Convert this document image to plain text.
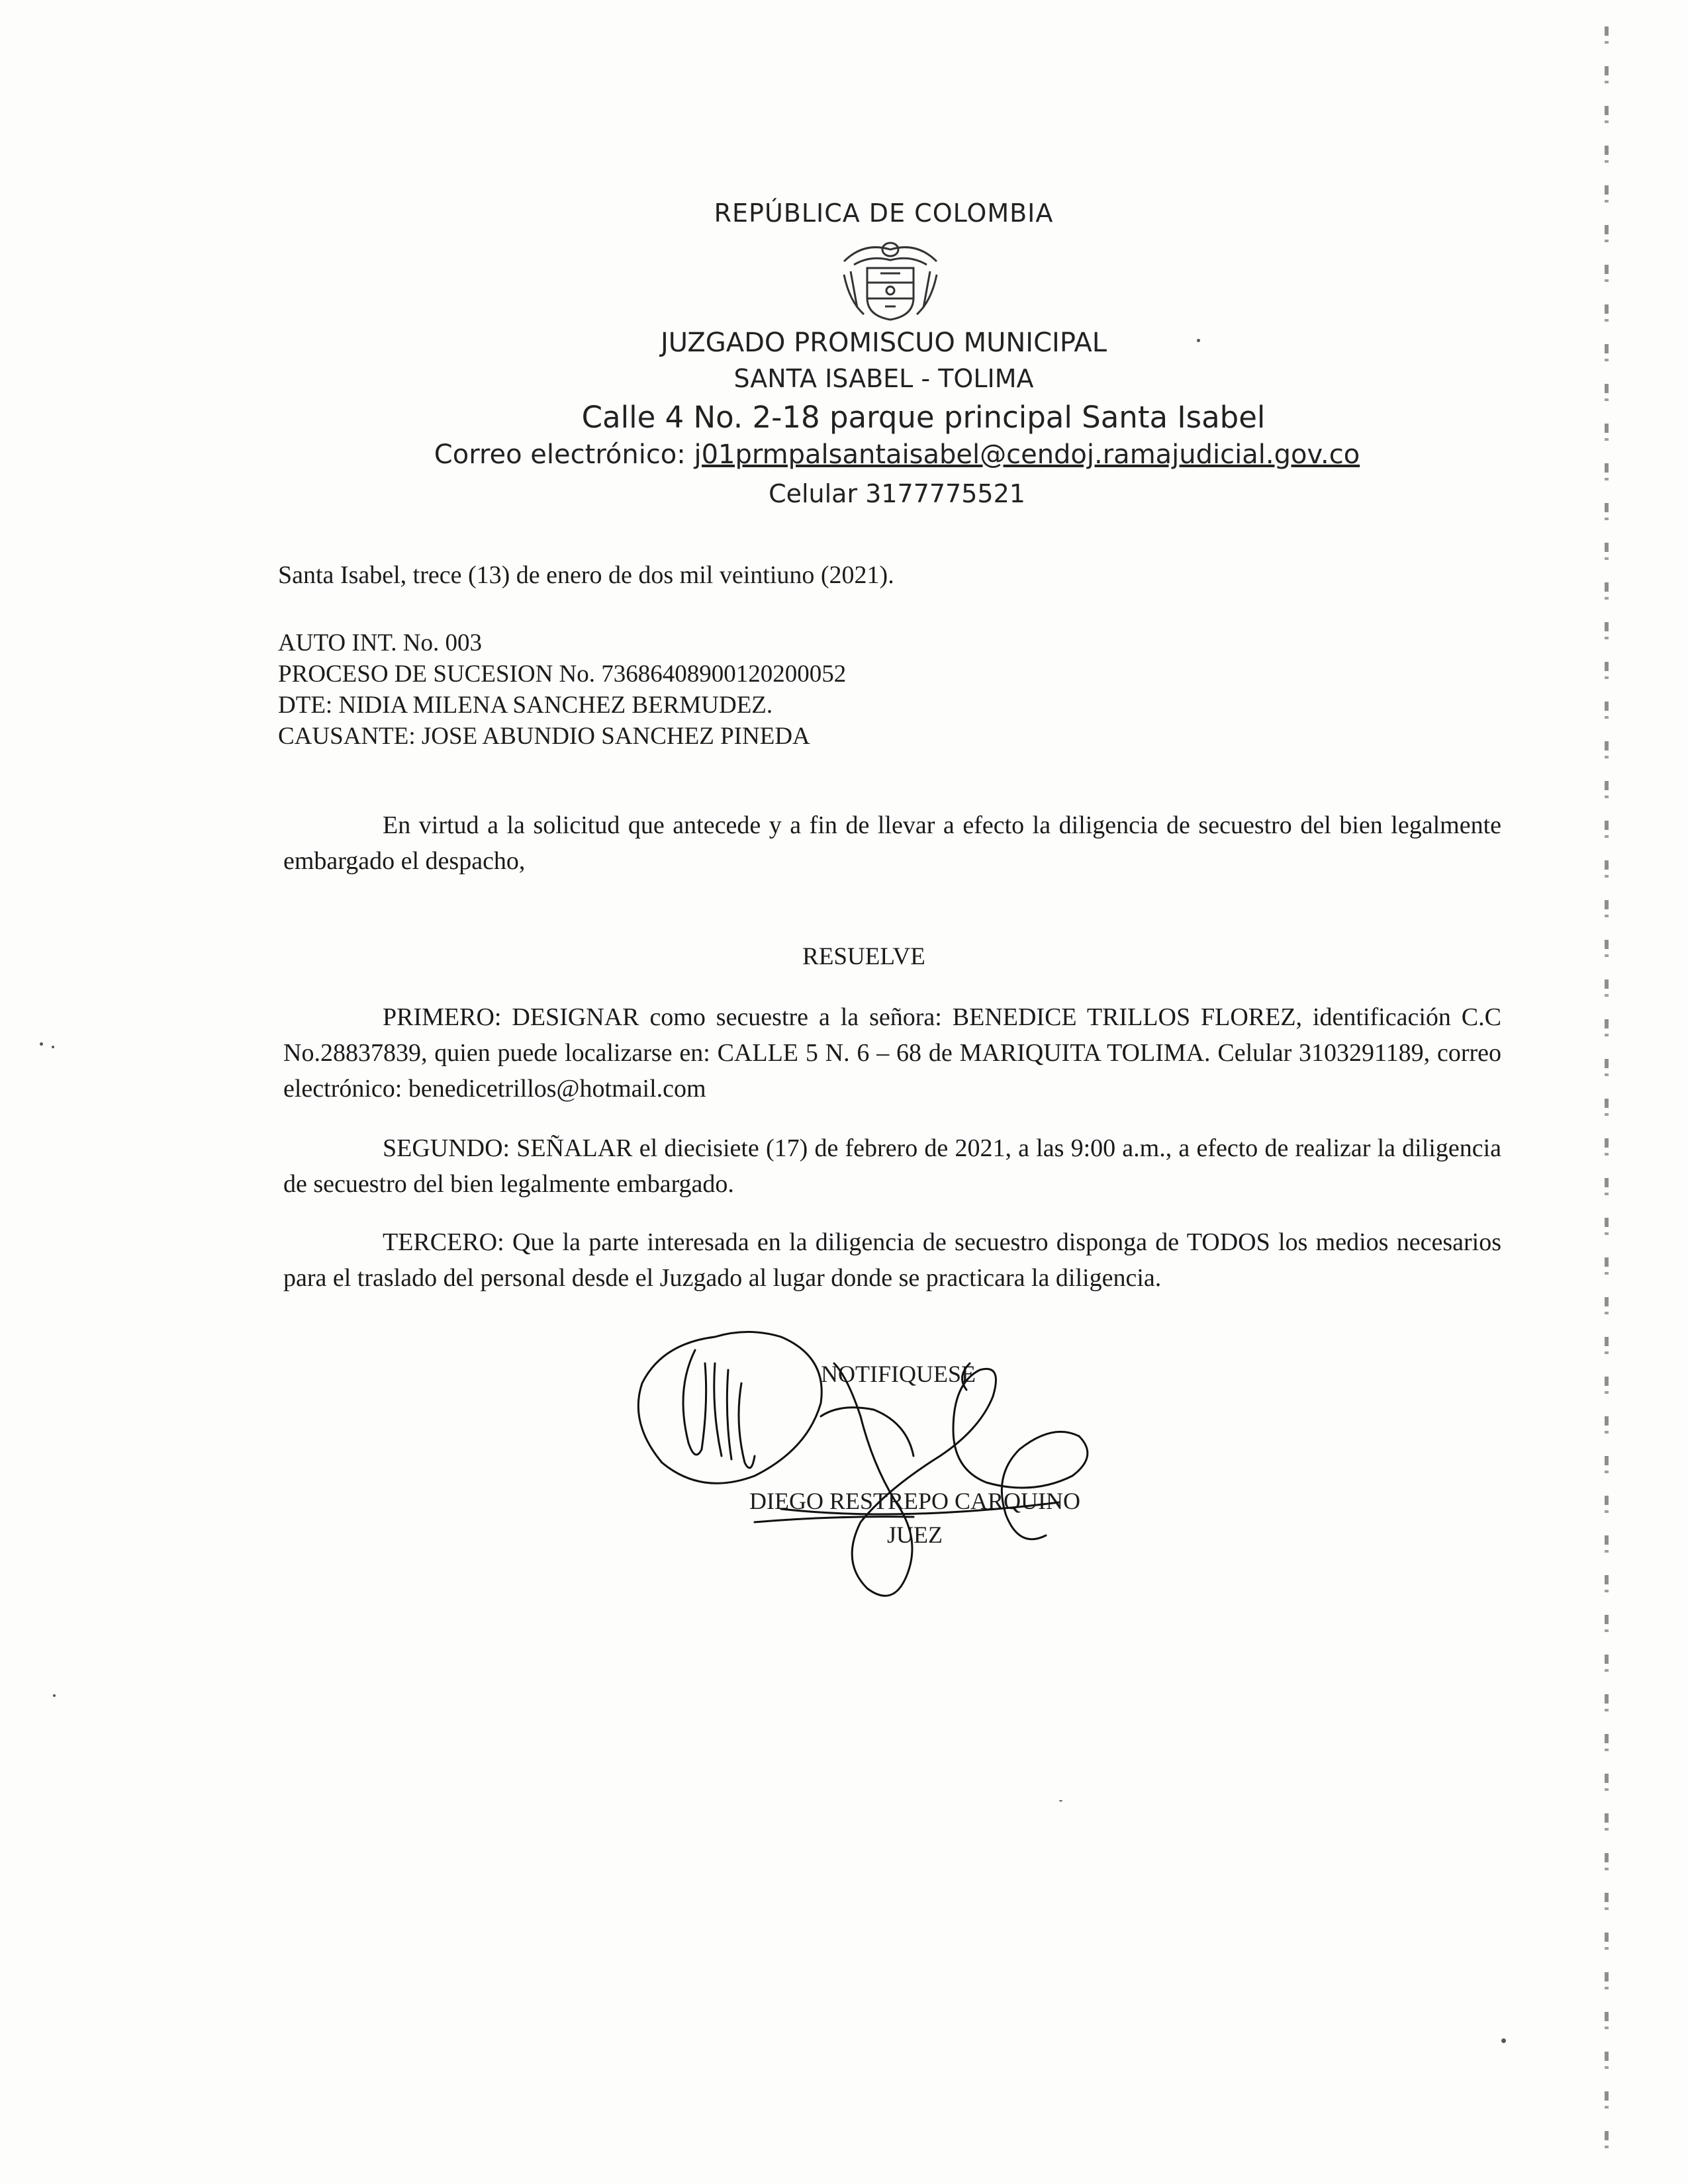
REPÚBLICA DE COLOMBIA
JUZGADO PROMISCUO MUNICIPAL
SANTA ISABEL - TOLIMA
Calle 4 No. 2-18 parque principal Santa Isabel
Correo electrónico: j01prmpalsantaisabel@cendoj.ramajudicial.gov.co
Celular 3177775521
Santa Isabel, trece (13) de enero de dos mil veintiuno (2021).
AUTO INT. No. 003
PROCESO DE SUCESION No. 73686408900120200052
DTE: NIDIA MILENA SANCHEZ BERMUDEZ.
CAUSANTE: JOSE ABUNDIO SANCHEZ PINEDA
En virtud a la solicitud que antecede y a fin de llevar a efecto la diligencia de secuestro del bien legalmente embargado el despacho,
RESUELVE
PRIMERO: DESIGNAR como secuestre a la señora: BENEDICE TRILLOS FLOREZ, identificación C.C No.28837839, quien puede localizarse en: CALLE 5 N. 6 – 68 de MARIQUITA TOLIMA. Celular 3103291189, correo electrónico: benedicetrillos@hotmail.com
SEGUNDO: SEÑALAR el diecisiete (17) de febrero de 2021, a las 9:00 a.m., a efecto de realizar la diligencia de secuestro del bien legalmente embargado.
TERCERO: Que la parte interesada en la diligencia de secuestro disponga de TODOS los medios necesarios para el traslado del personal desde el Juzgado al lugar donde se practicara la diligencia.
NOTIFIQUESE
DIEGO RESTREPO CARQUINO
JUEZ
